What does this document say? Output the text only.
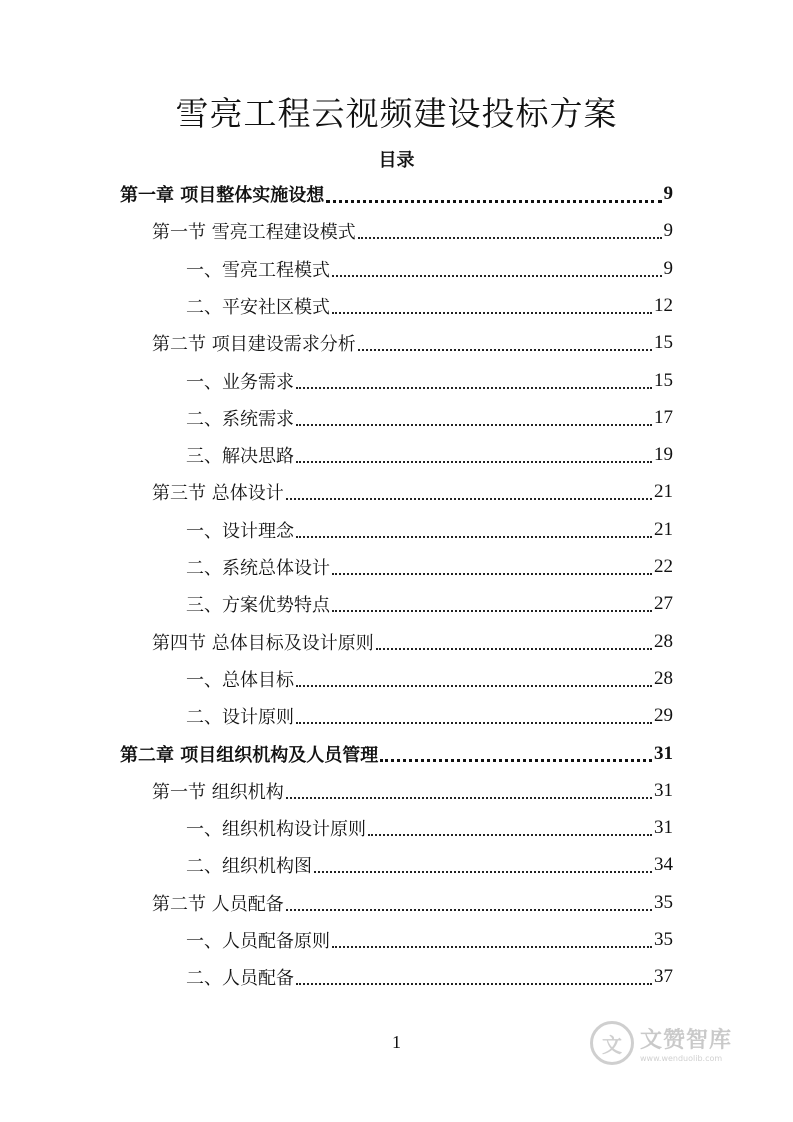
雪亮工程云视频建设投标方案
目录
第一章 项目整体实施设想	9
第一节 雪亮工程建设模式	9
一、雪亮工程模式	9
二、平安社区模式	12
第二节 项目建设需求分析	15
一、业务需求	15
二、系统需求	17
三、解决思路	19
第三节 总体设计	21
一、设计理念	21
二、系统总体设计	22
三、方案优势特点	27
第四节 总体目标及设计原则	28
一、总体目标	28
二、设计原则	29
第二章 项目组织机构及人员管理	31
第一节 组织机构	31
一、组织机构设计原则	31
二、组织机构图	34
第二节 人员配备	35
一、人员配备原则	35
二、人员配备	37
1	文 文赞智库
www.wenduolib.com
